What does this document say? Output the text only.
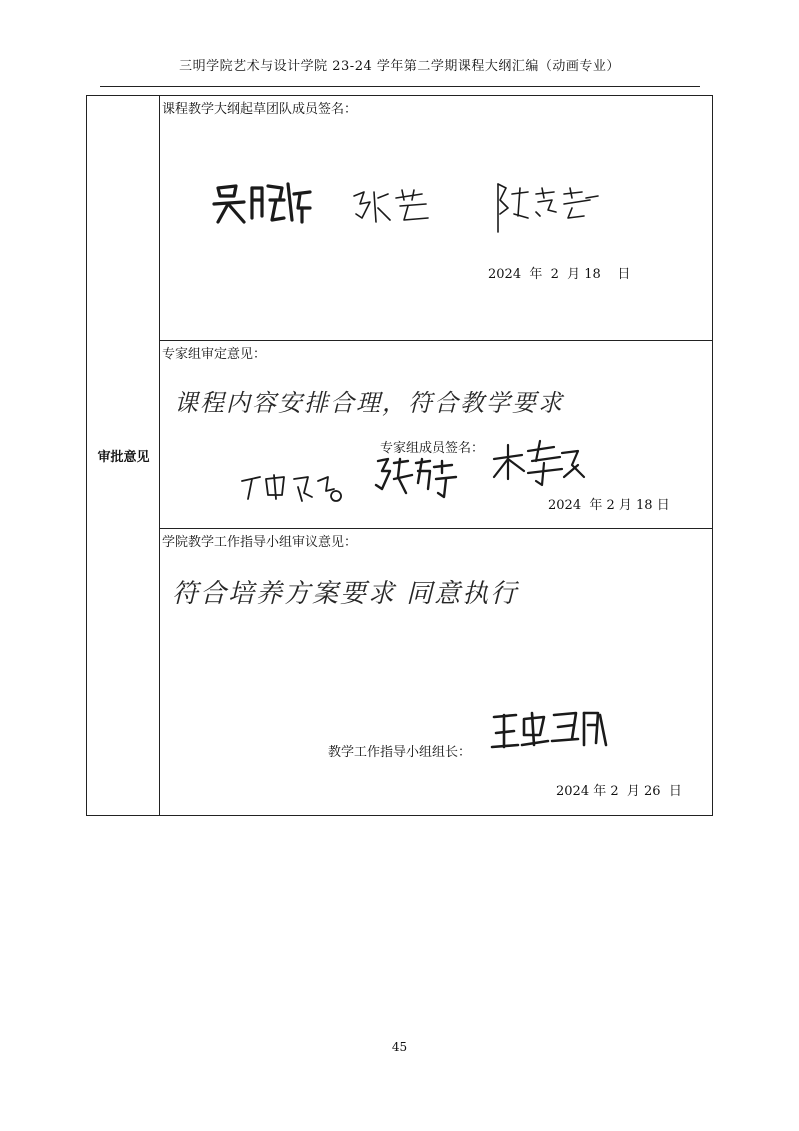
三明学院艺术与设计学院 23-24 学年第二学期课程大纲汇编（动画专业）
审批意见
课程教学大纲起草团队成员签名：
2024  年  2  月 18    日
专家组审定意见：
课程内容安排合理，符合教学要求
专家组成员签名：
2024  年 2 月 18 日
学院教学工作指导小组审议意见：
符合培养方案要求 同意执行
教学工作指导小组组长：
2024 年 2  月 26  日
45
